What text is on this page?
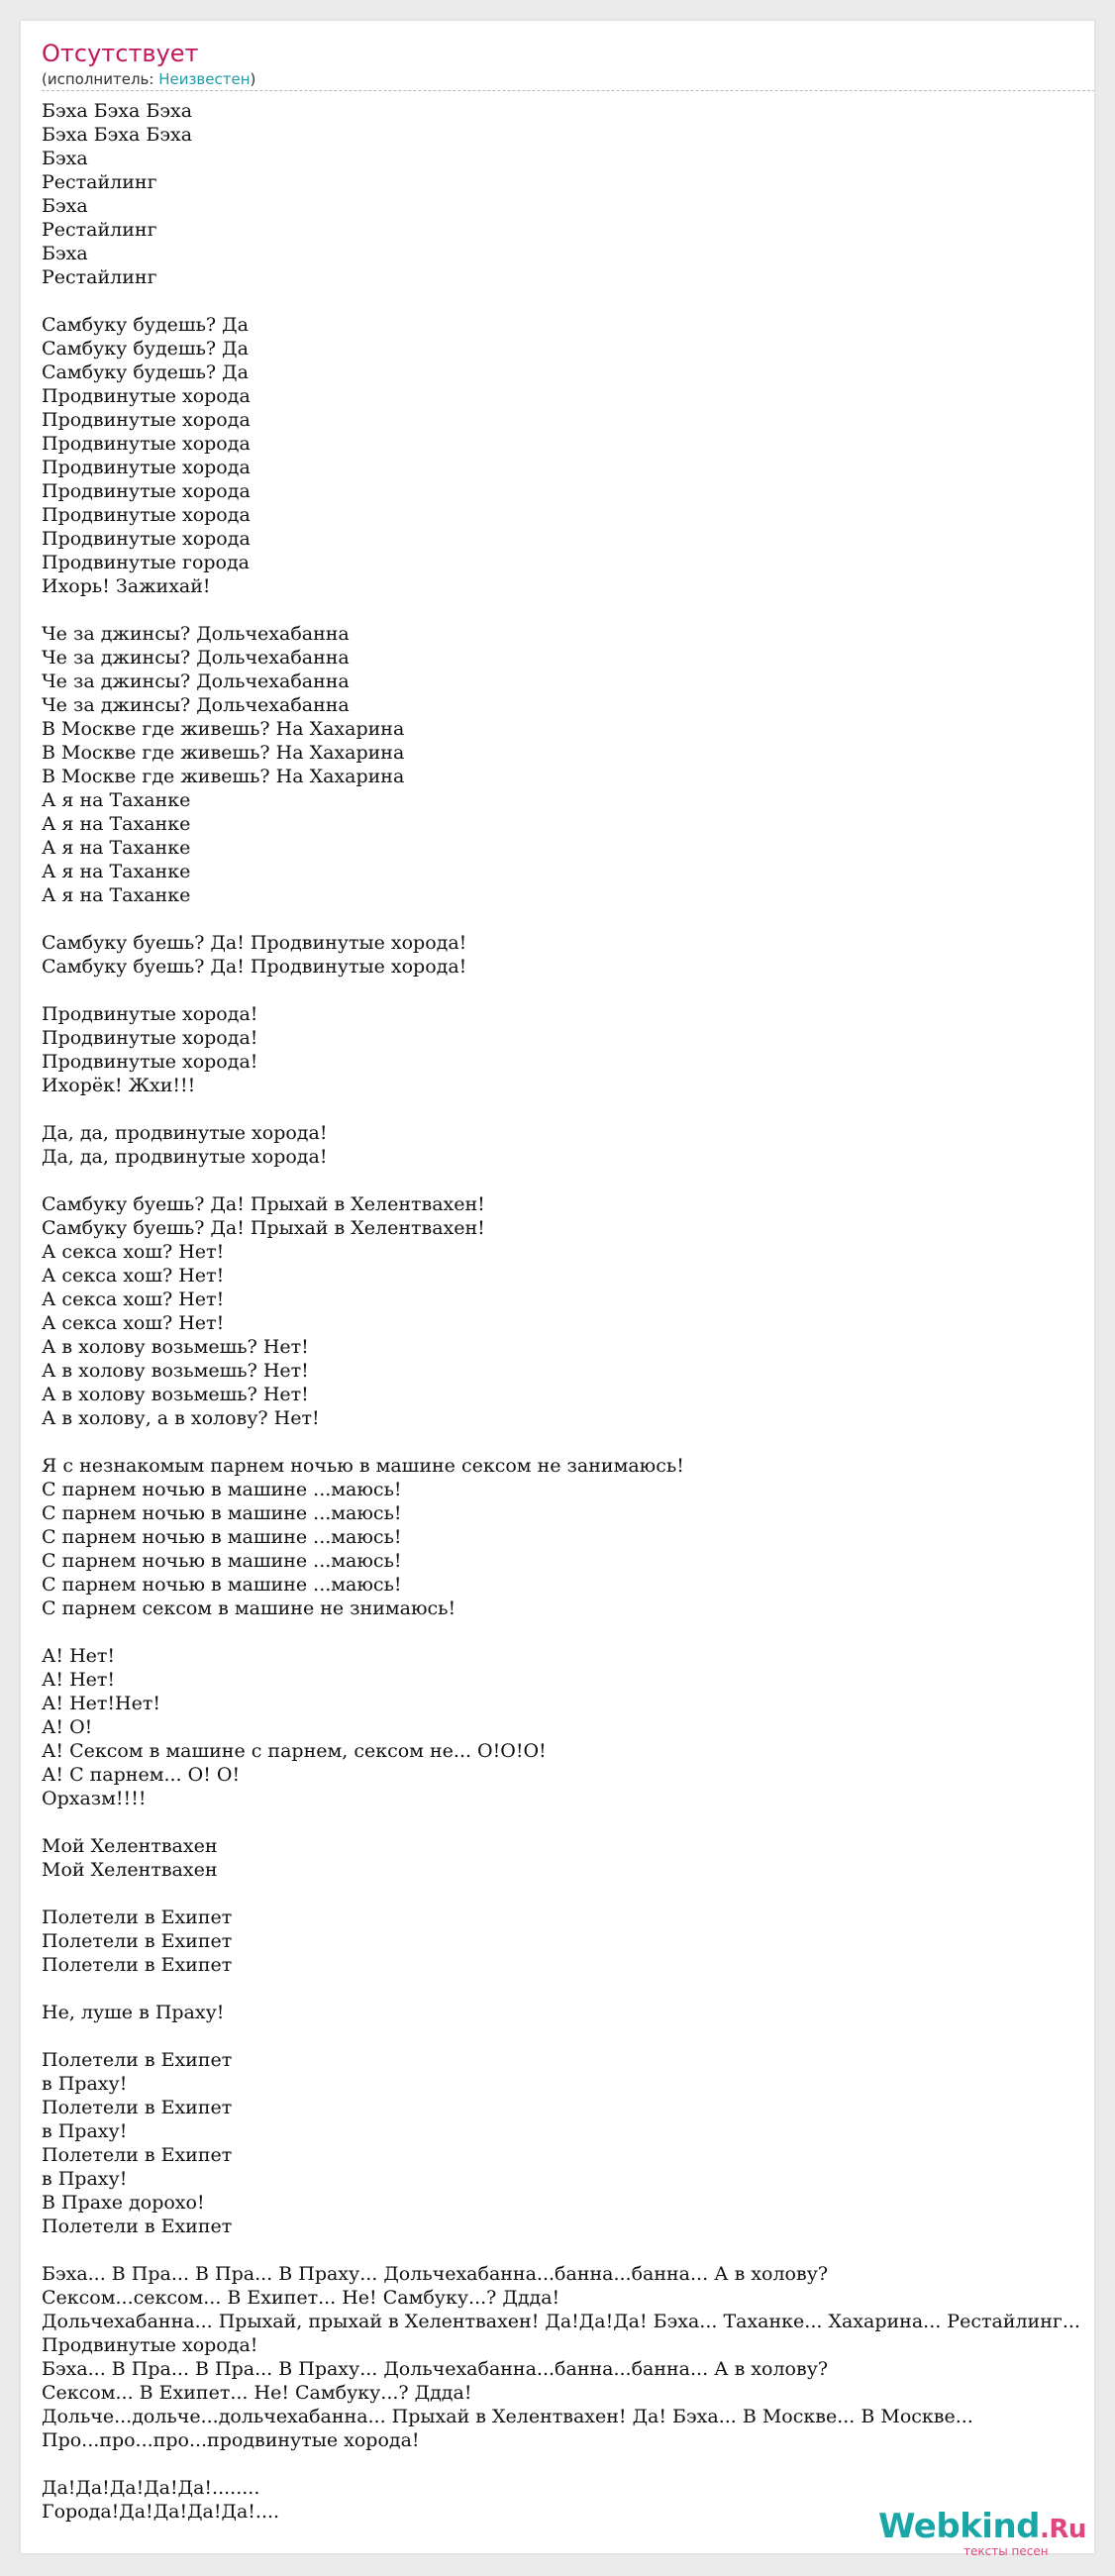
Отсутствует
(исполнитель: Неизвестен)
Бэха Бэха Бэха
Бэха Бэха Бэха
Бэха
Рестайлинг
Бэха
Рестайлинг
Бэха
Рестайлинг

Самбуку будешь? Да
Самбуку будешь? Да
Самбуку будешь? Да
Продвинутые хорода
Продвинутые хорода
Продвинутые хорода
Продвинутые хорода
Продвинутые хорода
Продвинутые хорода
Продвинутые хорода
Продвинутые города
Ихорь! Зажихай!

Че за джинсы? Дольчехабанна
Че за джинсы? Дольчехабанна
Че за джинсы? Дольчехабанна
Че за джинсы? Дольчехабанна
В Москве где живешь? На Хахарина
В Москве где живешь? На Хахарина
В Москве где живешь? На Хахарина
А я на Таханке
А я на Таханке
А я на Таханке
А я на Таханке
А я на Таханке

Самбуку буешь? Да! Продвинутые хорода!
Самбуку буешь? Да! Продвинутые хорода!

Продвинутые хорода!
Продвинутые хорода!
Продвинутые хорода!
Ихорёк! Жхи!!!

Да, да, продвинутые хорода!
Да, да, продвинутые хорода!

Самбуку буешь? Да! Прыхай в Хелентвахен!
Самбуку буешь? Да! Прыхай в Хелентвахен!
А секса хош? Нет!
А секса хош? Нет!
А секса хош? Нет!
А секса хош? Нет!
А в холову возьмешь? Нет!
А в холову возьмешь? Нет!
А в холову возьмешь? Нет!
А в холову, а в холову? Нет!

Я с незнакомым парнем ночью в машине сексом не занимаюсь!
С парнем ночью в машине ...маюсь!
С парнем ночью в машине ...маюсь!
С парнем ночью в машине ...маюсь!
С парнем ночью в машине ...маюсь!
С парнем ночью в машине ...маюсь!
С парнем сексом в машине не знимаюсь!

А! Нет!
А! Нет!
А! Нет!Нет!
А! О!
А! Сексом в машине с парнем, сексом не... О!О!О!
А! С парнем... О! О!
Орхазм!!!!

Мой Хелентвахен
Мой Хелентвахен

Полетели в Ехипет
Полетели в Ехипет
Полетели в Ехипет

Не, луше в Праху!

Полетели в Ехипет
в Праху!
Полетели в Ехипет
в Праху!
Полетели в Ехипет
в Праху!
В Прахе дорохо!
Полетели в Ехипет

Бэха... В Пра... В Пра... В Праху... Дольчехабанна...банна...банна... А в холову?
Сексом...сексом... В Ехипет... Не! Самбуку...? Ддда!
Дольчехабанна... Прыхай, прыхай в Хелентвахен! Да!Да!Да! Бэха... Таханке... Хахарина... Рестайлинг...
Продвинутые хорода!
Бэха... В Пра... В Пра... В Праху... Дольчехабанна...банна...банна... А в холову?
Сексом... В Ехипет... Не! Самбуку...? Ддда!
Дольче...дольче...дольчехабанна... Прыхай в Хелентвахен! Да! Бэха... В Москве... В Москве...
Про...про...про...продвинутые хорода!

Да!Да!Да!Да!Да!........
Города!Да!Да!Да!Да!....	Webkind.Ru
тексты песен
